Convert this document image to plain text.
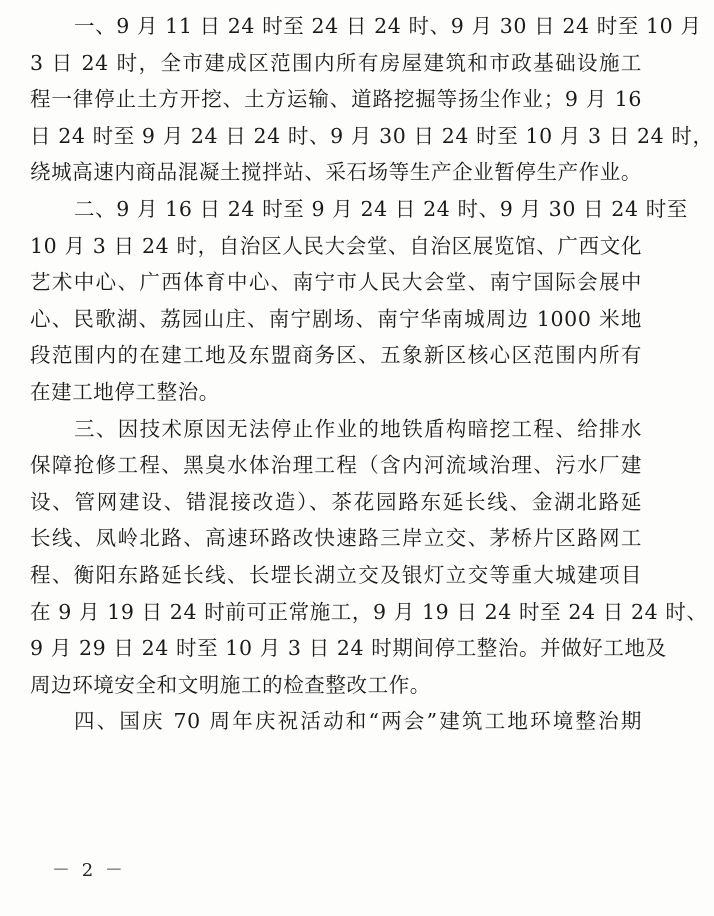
一、9 月 11 日 24 时至 24 日 24 时、9 月 30 日 24 时至 10 月
3 日 24 时，全市建成区范围内所有房屋建筑和市政基础设施工
程一律停止土方开挖、土方运输、道路挖掘等扬尘作业；9 月 16
日 24 时至 9 月 24 日 24 时、9 月 30 日 24 时至 10 月 3 日 24 时，
绕城高速内商品混凝土搅拌站、采石场等生产企业暂停生产作业。
二、9 月 16 日 24 时至 9 月 24 日 24 时、9 月 30 日 24 时至
10 月 3 日 24 时，自治区人民大会堂、自治区展览馆、广西文化
艺术中心、广西体育中心、南宁市人民大会堂、南宁国际会展中
心、民歌湖、荔园山庄、南宁剧场、南宁华南城周边 1000 米地
段范围内的在建工地及东盟商务区、五象新区核心区范围内所有
在建工地停工整治。
三、因技术原因无法停止作业的地铁盾构暗挖工程、给排水
保障抢修工程、黑臭水体治理工程（含内河流域治理、污水厂建
设、管网建设、错混接改造）、茶花园路东延长线、金湖北路延
长线、凤岭北路、高速环路改快速路三岸立交、茅桥片区路网工
程、衡阳东路延长线、长堽长湖立交及银灯立交等重大城建项目
在 9 月 19 日 24 时前可正常施工，9 月 19 日 24 时至 24 日 24 时、
9 月 29 日 24 时至 10 月 3 日 24 时期间停工整治。并做好工地及
周边环境安全和文明施工的检查整改工作。
四、国庆 70 周年庆祝活动和“两会”建筑工地环境整治期
－ 2 －
